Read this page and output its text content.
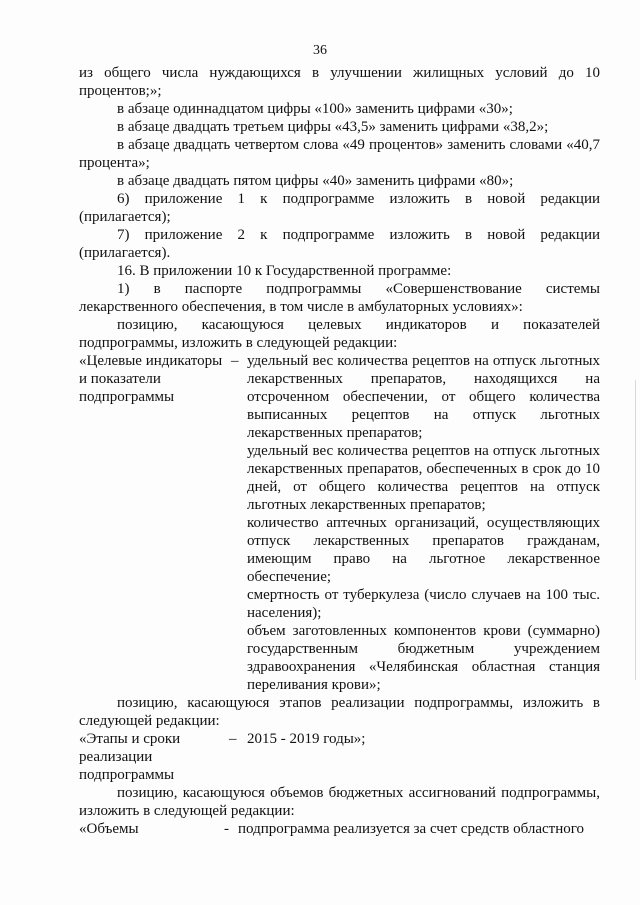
36
из общего числа нуждающихся в улучшении жилищных условий до 10 процентов;»;
в абзаце одиннадцатом цифры «100» заменить цифрами «30»;
в абзаце двадцать третьем цифры «43,5» заменить цифрами «38,2»;
в абзаце двадцать четвертом слова «49 процентов» заменить словами «40,7 процента»;
в абзаце двадцать пятом цифры «40» заменить цифрами «80»;
6) приложение 1 к подпрограмме изложить в новой редакции (прилагается);
7) приложение 2 к подпрограмме изложить в новой редакции (прилагается).
16. В приложении 10 к Государственной программе:
1) в паспорте подпрограммы «Совершенствование системы лекарственного обеспечения, в том числе в амбулаторных условиях»:
позицию, касающуюся целевых индикаторов и показателей подпрограммы, изложить в следующей редакции:
«Целевые индикаторы и показатели подпрограммы
– удельный вес количества рецептов на отпуск льготных лекарственных препаратов, находящихся на отсроченном обеспечении, от общего количества выписанных рецептов на отпуск льготных лекарственных препаратов;
удельный вес количества рецептов на отпуск льготных лекарственных препаратов, обеспеченных в срок до 10 дней, от общего количества рецептов на отпуск льготных лекарственных препаратов;
количество аптечных организаций, осуществляющих отпуск лекарственных препаратов гражданам, имеющим право на льготное лекарственное обеспечение;
смертность от туберкулеза (число случаев на 100 тыс. населения);
объем заготовленных компонентов крови (суммарно) государственным бюджетным учреждением здравоохранения «Челябинская областная станция переливания крови»;
позицию, касающуюся этапов реализации подпрограммы, изложить в следующей редакции:
«Этапы и сроки реализации подпрограммы
– 2015 - 2019 годы»;
позицию, касающуюся объемов бюджетных ассигнований подпрограммы, изложить в следующей редакции:
«Объемы	- подпрограмма реализуется за счет средств областного
